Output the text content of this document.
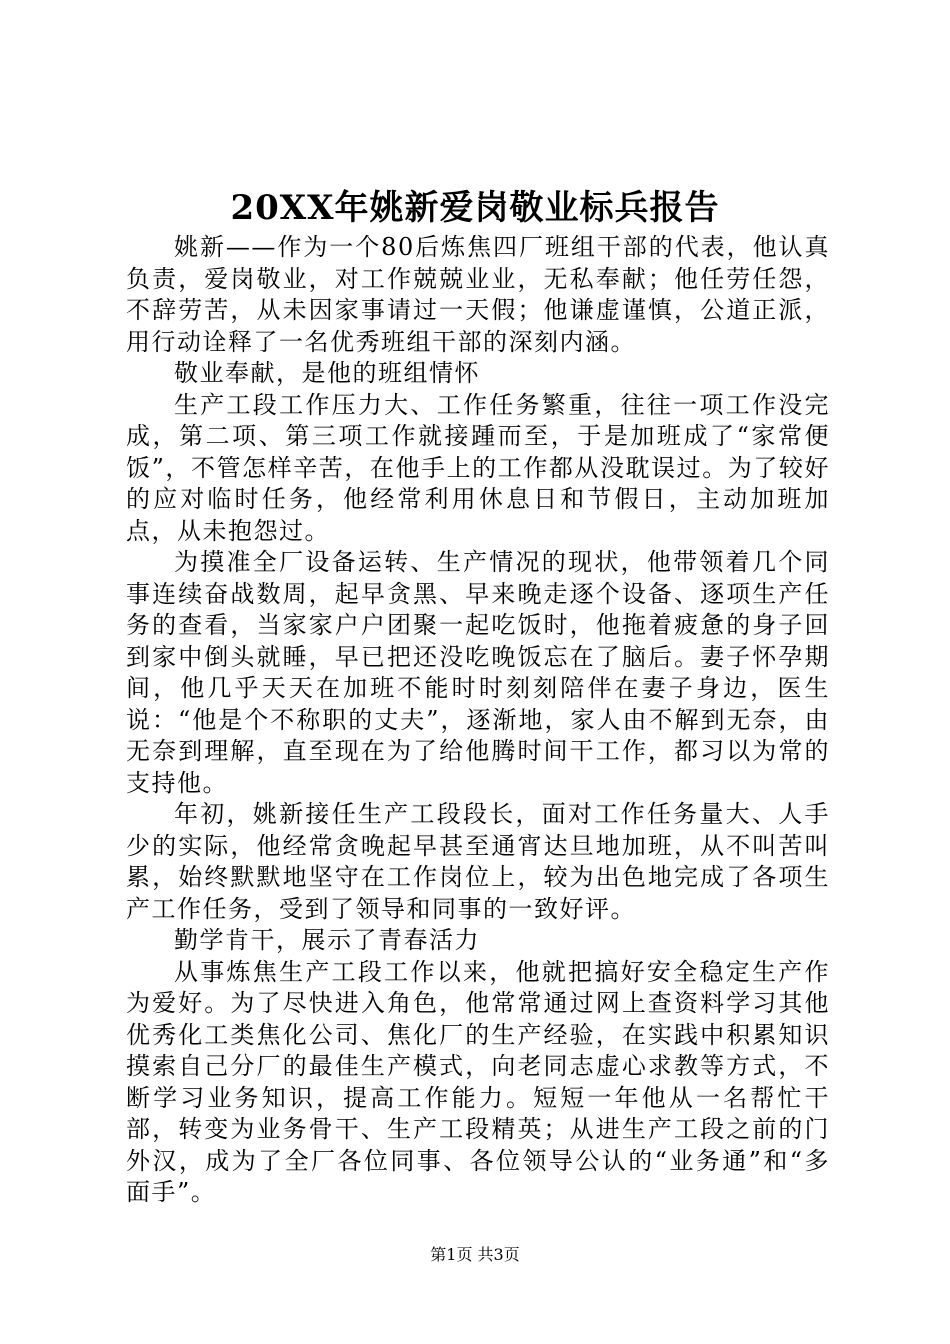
20XX年姚新爱岗敬业标兵报告

姚新——作为一个80后炼焦四厂班组干部的代表，他认真负责，爱岗敬业，对工作兢兢业业，无私奉献；他任劳任怨，不辞劳苦，从未因家事请过一天假；他谦虚谨慎，公道正派，用行动诠释了一名优秀班组干部的深刻内涵。

敬业奉献，是他的班组情怀

生产工段工作压力大、工作任务繁重，往往一项工作没完成，第二项、第三项工作就接踵而至，于是加班成了“家常便饭”，不管怎样辛苦，在他手上的工作都从没耽误过。为了较好的应对临时任务，他经常利用休息日和节假日，主动加班加点，从未抱怨过。

为摸准全厂设备运转、生产情况的现状，他带领着几个同事连续奋战数周，起早贪黑、早来晚走逐个设备、逐项生产任务的查看，当家家户户团聚一起吃饭时，他拖着疲惫的身子回到家中倒头就睡，早已把还没吃晚饭忘在了脑后。妻子怀孕期间，他几乎天天在加班不能时时刻刻陪伴在妻子身边，医生说：“他是个不称职的丈夫”，逐渐地，家人由不解到无奈，由无奈到理解，直至现在为了给他腾时间干工作，都习以为常的支持他。

年初，姚新接任生产工段段长，面对工作任务量大、人手少的实际，他经常贪晚起早甚至通宵达旦地加班，从不叫苦叫累，始终默默地坚守在工作岗位上，较为出色地完成了各项生产工作任务，受到了领导和同事的一致好评。

勤学肯干，展示了青春活力

从事炼焦生产工段工作以来，他就把搞好安全稳定生产作为爱好。为了尽快进入角色，他常常通过网上查资料学习其他优秀化工类焦化公司、焦化厂的生产经验，在实践中积累知识摸索自己分厂的最佳生产模式，向老同志虚心求教等方式，不断学习业务知识，提高工作能力。短短一年他从一名帮忙干部，转变为业务骨干、生产工段精英；从进生产工段之前的门外汉，成为了全厂各位同事、各位领导公认的“业务通”和“多面手”。

第1页 共3页
